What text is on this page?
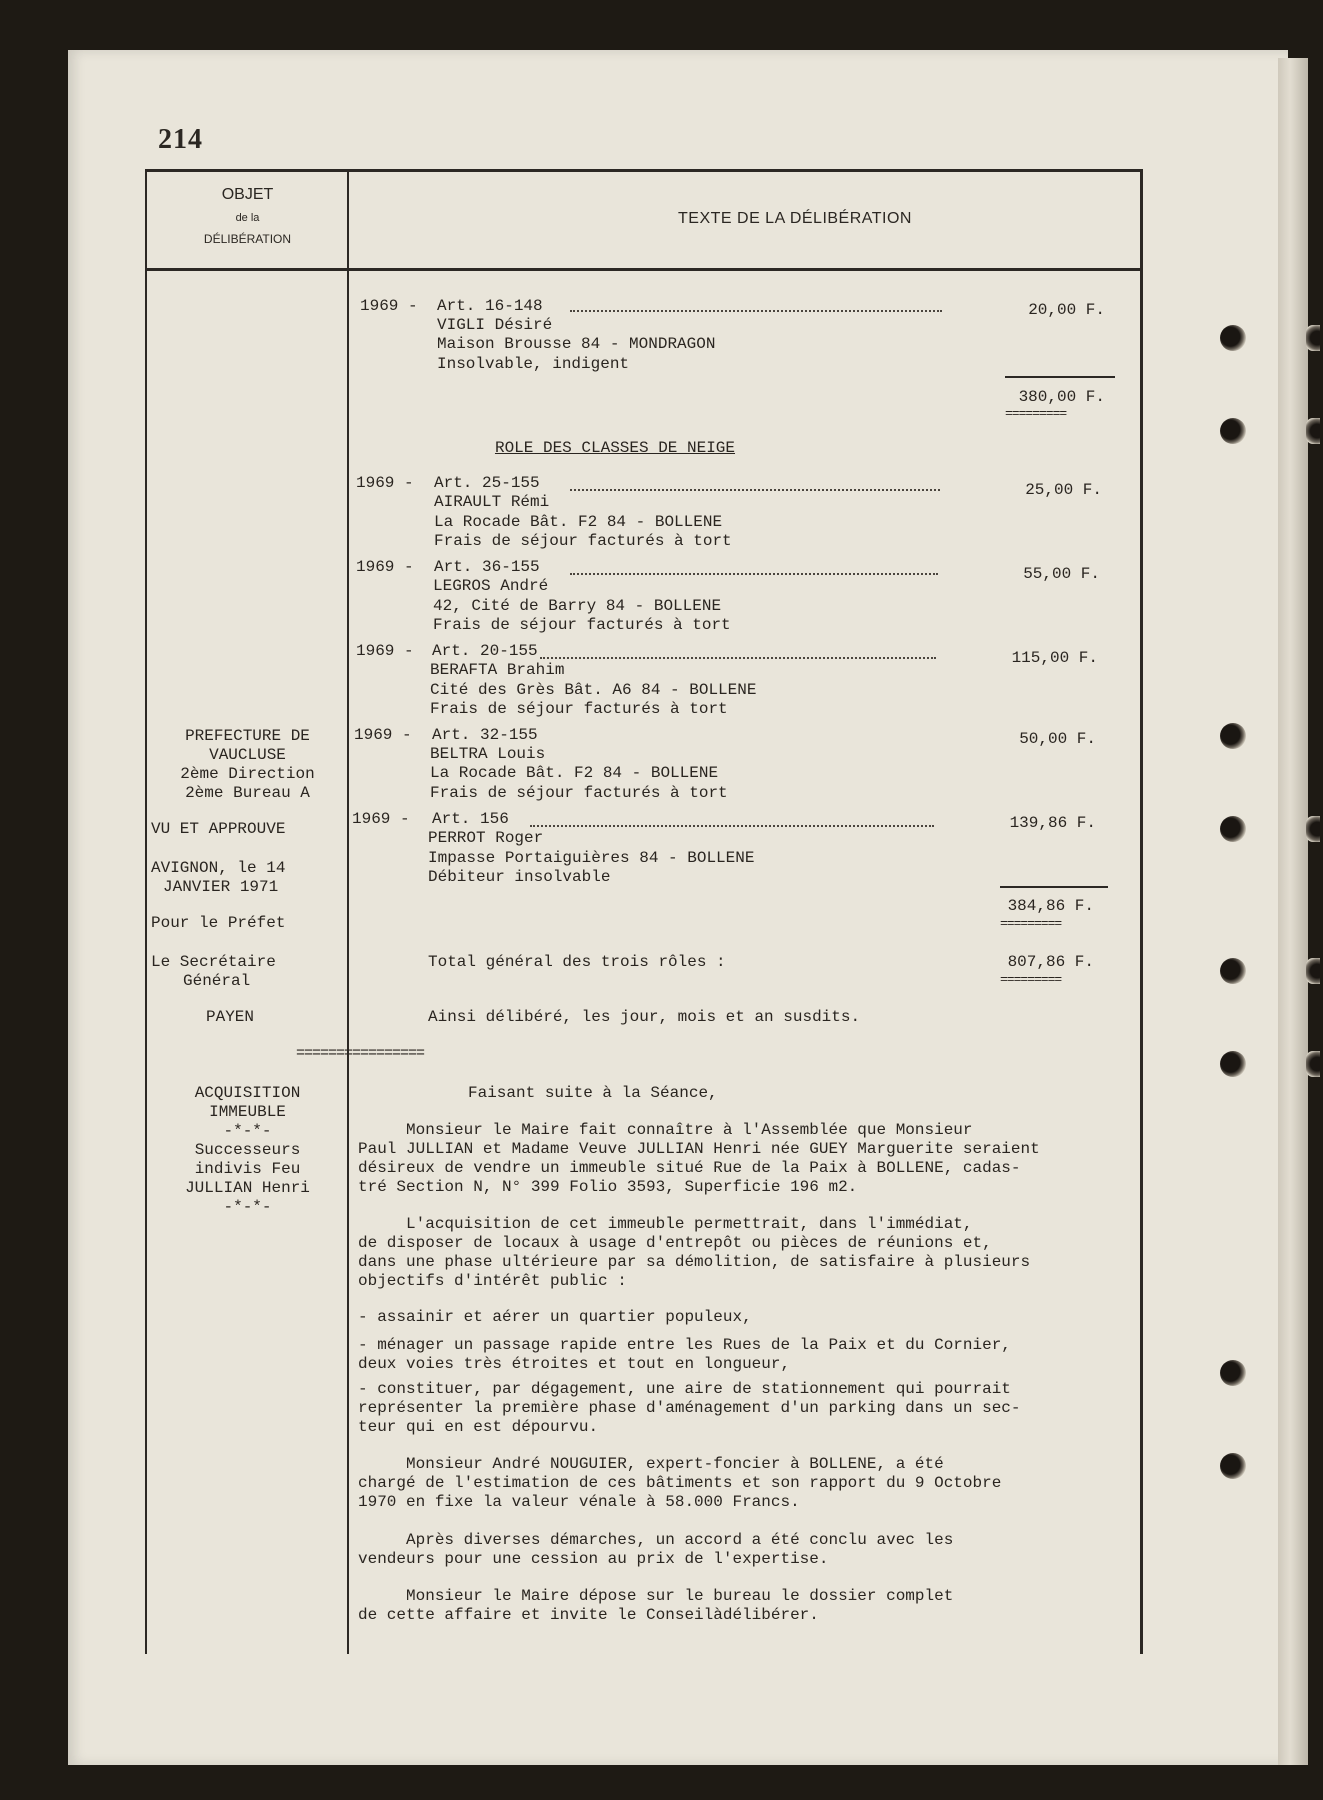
214
OBJET
de la
DÉLIBÉRATION
TEXTE DE LA DÉLIBÉRATION
1969 - Art. 16-148	20,00 F.
VIGLI Désiré
Maison Brousse 84 - MONDRAGON
Insolvable, indigent
380,00 F.
=========
ROLE DES CLASSES DE NEIGE
1969 - Art. 25-155	25,00 F.
AIRAULT Rémi
La Rocade Bât. F2 84 - BOLLENE
Frais de séjour facturés à tort
1969 - Art. 36-155	55,00 F.
LEGROS André
42, Cité de Barry 84 - BOLLENE
Frais de séjour facturés à tort
1969 - Art. 20-155	115,00 F.
BERAFTA Brahim
Cité des Grès Bât. A6 84 - BOLLENE
Frais de séjour facturés à tort
1969 - Art. 32-155	50,00 F.
BELTRA Louis
La Rocade Bât. F2 84 - BOLLENE
Frais de séjour facturés à tort
1969 - Art. 156	139,86 F.
PERROT Roger
Impasse Portaiguières 84 - BOLLENE
Débiteur insolvable
384,86 F.
=========
Total général des trois rôles :	807,86 F.
=========
Ainsi délibéré, les jour, mois et an susdits.
PREFECTURE DE
VAUCLUSE
2ème Direction
2ème Bureau A
VU ET APPROUVE
AVIGNON, le 14
JANVIER 1971
Pour le Préfet
Le Secrétaire
Général
PAYEN
================
ACQUISITION
IMMEUBLE
-*-*-
Successeurs
indivis Feu
JULLIAN Henri
-*-*-
Faisant suite à la Séance,
Monsieur le Maire fait connaître à l'Assemblée que Monsieur
Paul JULLIAN et Madame Veuve JULLIAN Henri née GUEY Marguerite seraient
désireux de vendre un immeuble situé Rue de la Paix à BOLLENE, cadas-
tré Section N, N° 399 Folio 3593, Superficie 196 m2.
L'acquisition de cet immeuble permettrait, dans l'immédiat,
de disposer de locaux à usage d'entrepôt ou pièces de réunions et,
dans une phase ultérieure par sa démolition, de satisfaire à plusieurs
objectifs d'intérêt public :
- assainir et aérer un quartier populeux,
- ménager un passage rapide entre les Rues de la Paix et du Cornier,
deux voies très étroites et tout en longueur,
- constituer, par dégagement, une aire de stationnement qui pourrait
représenter la première phase d'aménagement d'un parking dans un sec-
teur qui en est dépourvu.
Monsieur André NOUGUIER, expert-foncier à BOLLENE, a été
chargé de l'estimation de ces bâtiments et son rapport du 9 Octobre
1970 en fixe la valeur vénale à 58.000 Francs.
Après diverses démarches, un accord a été conclu avec les
vendeurs pour une cession au prix de l'expertise.
Monsieur le Maire dépose sur le bureau le dossier complet
de cette affaire et invite le Conseilàdélibérer.
